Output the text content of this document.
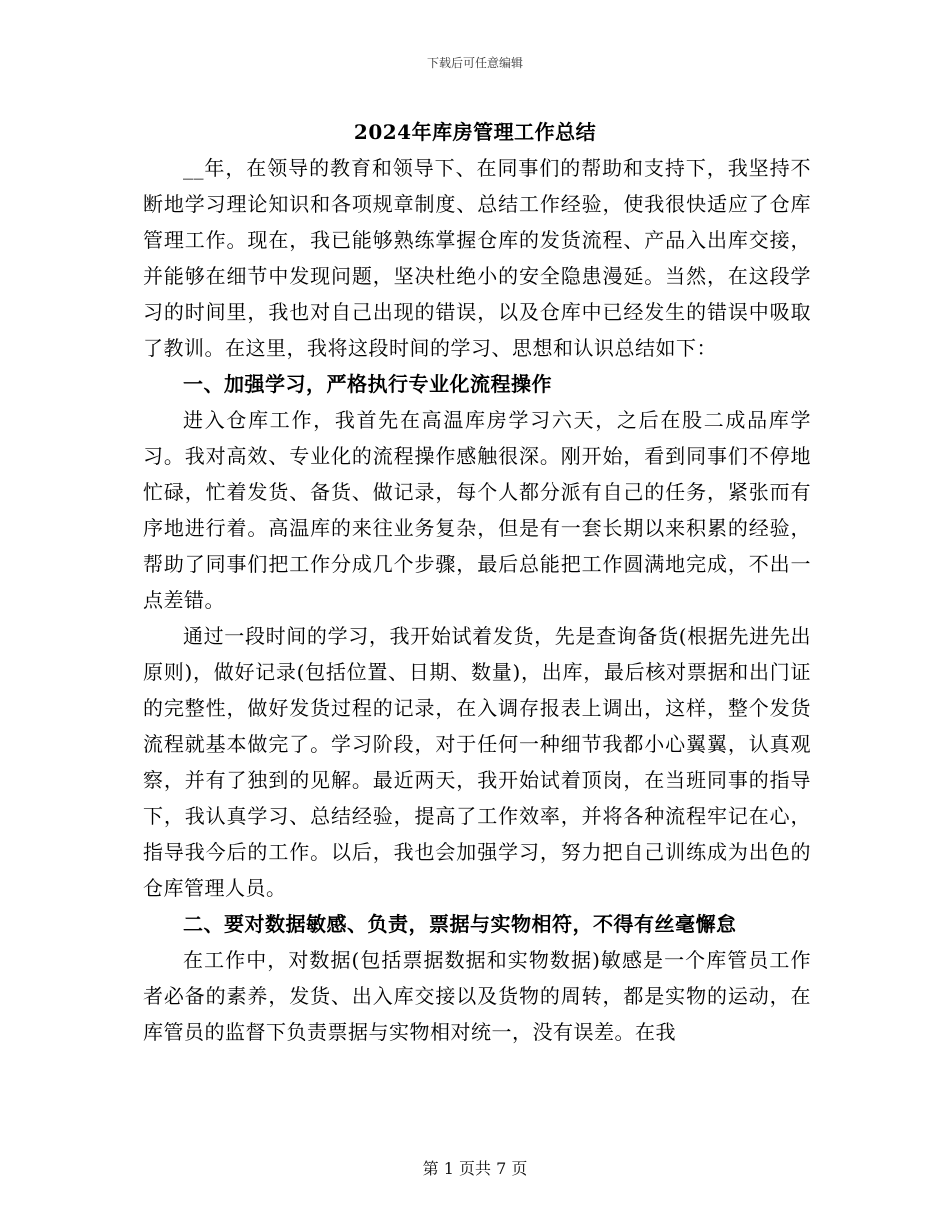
下载后可任意编辑
2024年库房管理工作总结

__年，在领导的教育和领导下、在同事们的帮助和支持下，我坚持不断地学习理论知识和各项规章制度、总结工作经验，使我很快适应了仓库管理工作。现在，我已能够熟练掌握仓库的发货流程、产品入出库交接，并能够在细节中发现问题，坚决杜绝小的安全隐患漫延。当然，在这段学习的时间里，我也对自己出现的错误，以及仓库中已经发生的错误中吸取了教训。在这里，我将这段时间的学习、思想和认识总结如下：

一、加强学习，严格执行专业化流程操作

进入仓库工作，我首先在高温库房学习六天，之后在股二成品库学习。我对高效、专业化的流程操作感触很深。刚开始，看到同事们不停地忙碌，忙着发货、备货、做记录，每个人都分派有自己的任务，紧张而有序地进行着。高温库的来往业务复杂，但是有一套长期以来积累的经验，帮助了同事们把工作分成几个步骤，最后总能把工作圆满地完成，不出一点差错。

通过一段时间的学习，我开始试着发货，先是查询备货(根据先进先出原则)，做好记录(包括位置、日期、数量)，出库，最后核对票据和出门证的完整性，做好发货过程的记录，在入调存报表上调出，这样，整个发货流程就基本做完了。学习阶段，对于任何一种细节我都小心翼翼，认真观察，并有了独到的见解。最近两天，我开始试着顶岗，在当班同事的指导下，我认真学习、总结经验，提高了工作效率，并将各种流程牢记在心，指导我今后的工作。以后，我也会加强学习，努力把自己训练成为出色的仓库管理人员。

二、要对数据敏感、负责，票据与实物相符，不得有丝毫懈怠

在工作中，对数据(包括票据数据和实物数据)敏感是一个库管员工作者必备的素养，发货、出入库交接以及货物的周转，都是实物的运动，在库管员的监督下负责票据与实物相对统一，没有误差。在我

第 1 页共 7 页
